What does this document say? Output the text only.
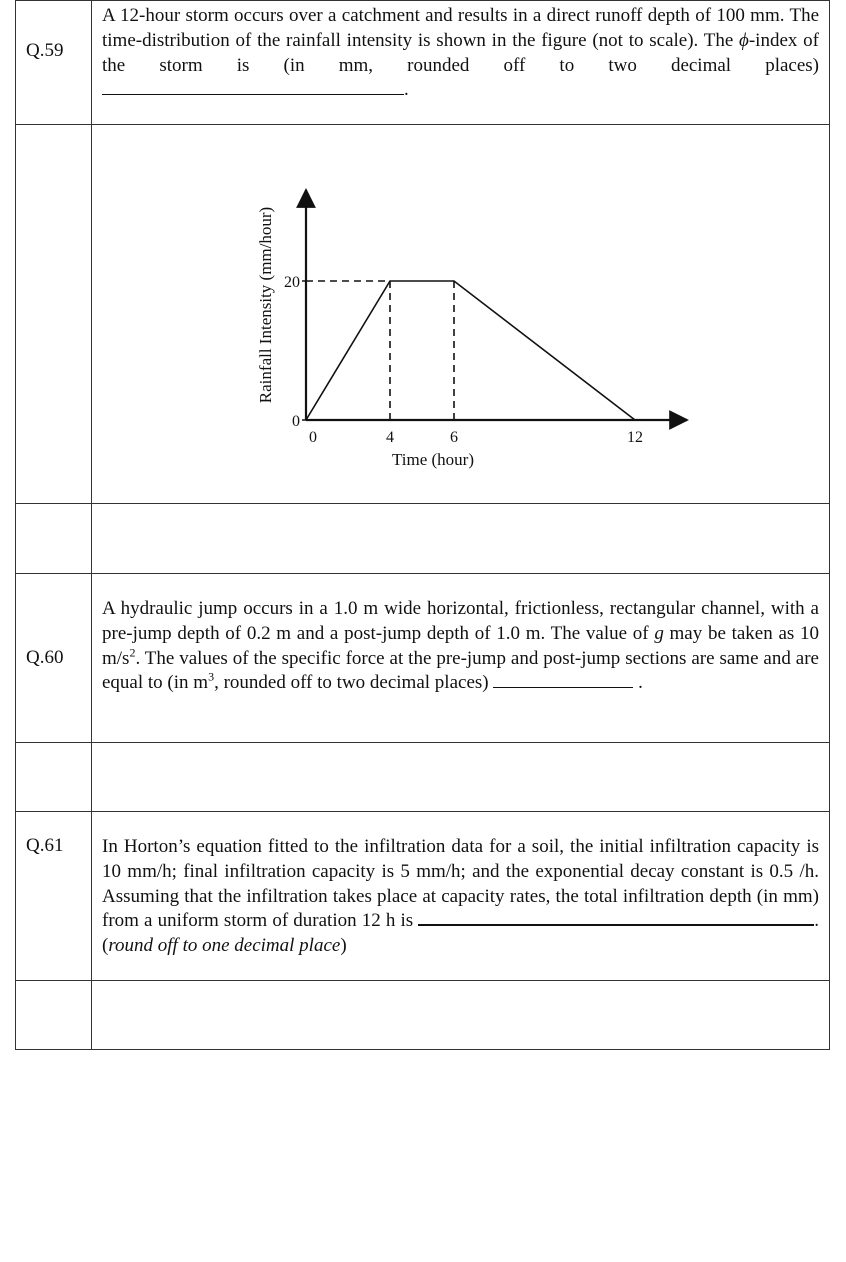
Q.59
A 12-hour storm occurs over a catchment and results in a direct runoff depth of 100 mm. The time-distribution of the rainfall intensity is shown in the figure (not to scale). The ϕ-index of the storm is (in mm, rounded off to two decimal places) .
0
20
0	4	6	12
Time (hour)
Rainfall Intensity (mm/hour)
Q.60
A hydraulic jump occurs in a 1.0 m wide horizontal, frictionless, rectangular channel, with a pre-jump depth of 0.2 m and a post-jump depth of 1.0 m. The value of g may be taken as 10 $m/s^2$. The values of the specific force at the pre-jump and post-jump sections are same and are equal to (in $m^3$, rounded off to two decimal places)	.
Q.61 In Horton’s equation fitted to the infiltration data for a soil, the initial infiltration capacity is 10 mm/h; final infiltration capacity is 5 mm/h; and the exponential decay constant is 0.5 /h. Assuming that the infiltration takes place at capacity rates, the total infiltration depth (in mm) from a uniform storm of duration 12 h is	. (round off to one decimal place)
